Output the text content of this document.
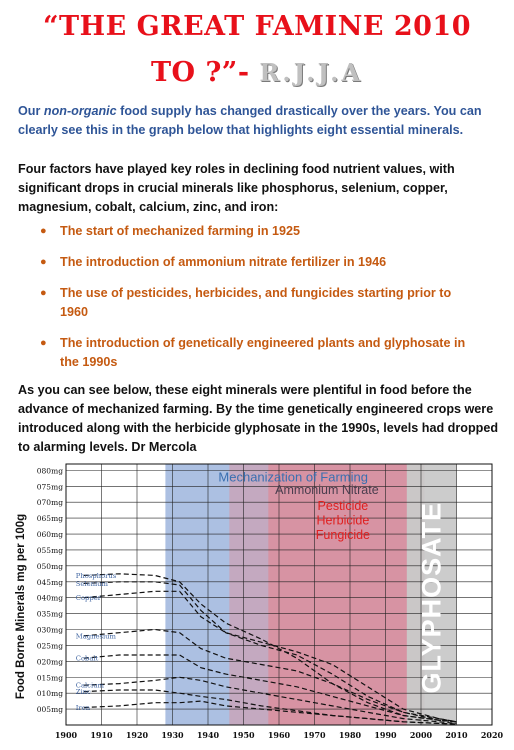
“THE GREAT FAMINE 2010
TO ?”- R.J.J.A

Our non-organic food supply has changed drastically over the years. You can clearly see this in the graph below that highlights eight essential minerals.

Four factors have played key roles in declining food nutrient values, with significant drops in crucial minerals like phosphorus, selenium, copper, magnesium, cobalt, calcium, zinc, and iron:

● The start of mechanized farming in 1925
● The introduction of ammonium nitrate fertilizer in 1946
● The use of pesticides, herbicides, and fungicides starting prior to 1960
● The introduction of genetically engineered plants and glyphosate in the 1990s

As you can see below, these eight minerals were plentiful in food before the advance of mechanized farming. By the time genetically engineered crops were introduced along with the herbicide glyphosate in the 1990s, levels had dropped to alarming levels. Dr Mercola

005mg
010mg
015mg
020mg
025mg
030mg
035mg
040mg
045mg
050mg
055mg
060mg
065mg
070mg
075mg
080mg
1900 1910 1920 1930 1940 1950 1960 1970 1980 1990 2000 2010 2020
Food Borne Minerals mg per 100g
Mechanization of Farming
Ammonium Nitrate
Pesticide
Herbicide
Fungicide GLYPHOSATE
Phosphorus
Selenium
Copper
Magnesium
Cobalt
Calcium
Zinc
Iron
